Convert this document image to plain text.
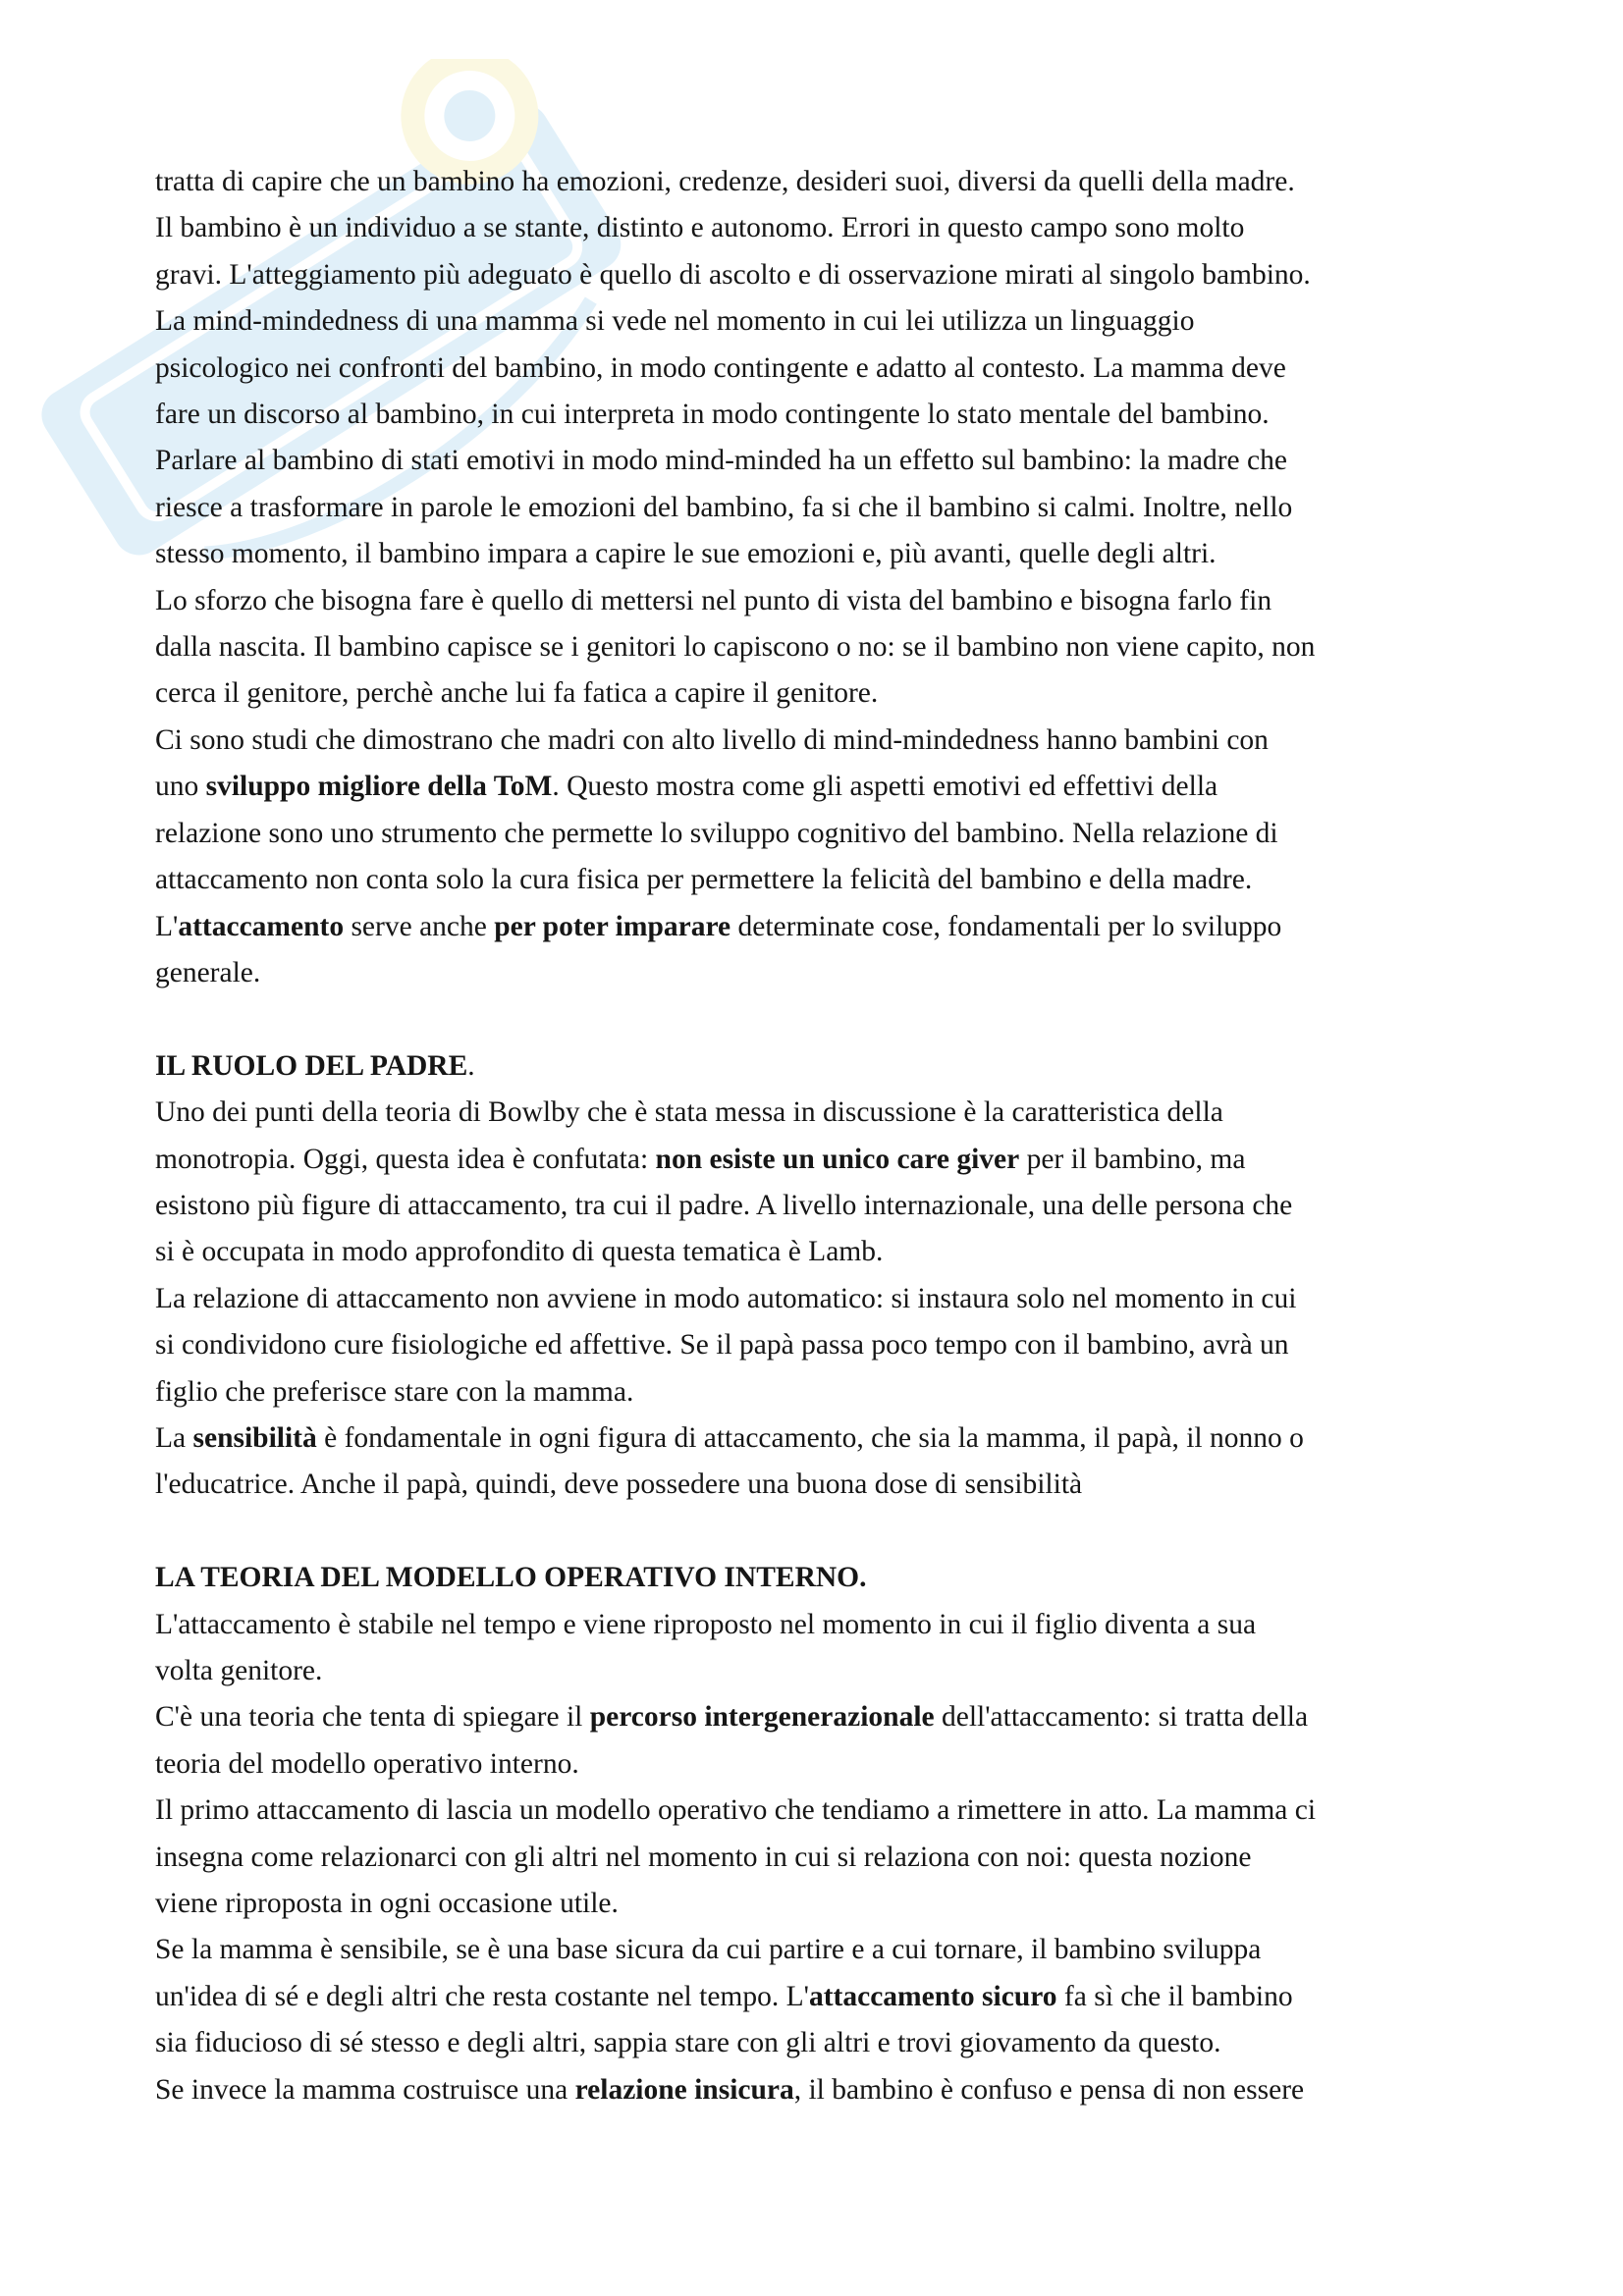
tratta di capire che un bambino ha emozioni, credenze, desideri suoi, diversi da quelli della madre.

Il bambino è un individuo a se stante, distinto e autonomo. Errori in questo campo sono molto

gravi. L'atteggiamento più adeguato è quello di ascolto e di osservazione mirati al singolo bambino.

La mind-mindedness di una mamma si vede nel momento in cui lei utilizza un linguaggio

psicologico nei confronti del bambino, in modo contingente e adatto al contesto. La mamma deve

fare un discorso al bambino, in cui interpreta in modo contingente lo stato mentale del bambino.

Parlare al bambino di stati emotivi in modo mind-minded ha un effetto sul bambino: la madre che

riesce a trasformare in parole le emozioni del bambino, fa si che il bambino si calmi. Inoltre, nello

stesso momento, il bambino impara a capire le sue emozioni e, più avanti, quelle degli altri.

Lo sforzo che bisogna fare è quello di mettersi nel punto di vista del bambino e bisogna farlo fin

dalla nascita. Il bambino capisce se i genitori lo capiscono o no: se il bambino non viene capito, non

cerca il genitore, perchè anche lui fa fatica a capire il genitore.

Ci sono studi che dimostrano che madri con alto livello di mind-mindedness hanno bambini con

uno sviluppo migliore della ToM. Questo mostra come gli aspetti emotivi ed effettivi della

relazione sono uno strumento che permette lo sviluppo cognitivo del bambino. Nella relazione di

attaccamento non conta solo la cura fisica per permettere la felicità del bambino e della madre.

L'attaccamento serve anche per poter imparare determinate cose, fondamentali per lo sviluppo

generale.

IL RUOLO DEL PADRE.

Uno dei punti della teoria di Bowlby che è stata messa in discussione è la caratteristica della

monotropia. Oggi, questa idea è confutata: non esiste un unico care giver per il bambino, ma

esistono più figure di attaccamento, tra cui il padre. A livello internazionale, una delle persona che

si è occupata in modo approfondito di questa tematica è Lamb.

La relazione di attaccamento non avviene in modo automatico: si instaura solo nel momento in cui

si condividono cure fisiologiche ed affettive. Se il papà passa poco tempo con il bambino, avrà un

figlio che preferisce stare con la mamma.

La sensibilità è fondamentale in ogni figura di attaccamento, che sia la mamma, il papà, il nonno o

l'educatrice. Anche il papà, quindi, deve possedere una buona dose di sensibilità

LA TEORIA DEL MODELLO OPERATIVO INTERNO.

L'attaccamento è stabile nel tempo e viene riproposto nel momento in cui il figlio diventa a sua

volta genitore.

C'è una teoria che tenta di spiegare il percorso intergenerazionale dell'attaccamento: si tratta della

teoria del modello operativo interno.

Il primo attaccamento di lascia un modello operativo che tendiamo a rimettere in atto. La mamma ci

insegna come relazionarci con gli altri nel momento in cui si relaziona con noi: questa nozione

viene riproposta in ogni occasione utile.

Se la mamma è sensibile, se è una base sicura da cui partire e a cui tornare, il bambino sviluppa

un'idea di sé e degli altri che resta costante nel tempo. L'attaccamento sicuro fa sì che il bambino

sia fiducioso di sé stesso e degli altri, sappia stare con gli altri e trovi giovamento da questo.

Se invece la mamma costruisce una relazione insicura, il bambino è confuso e pensa di non essere
